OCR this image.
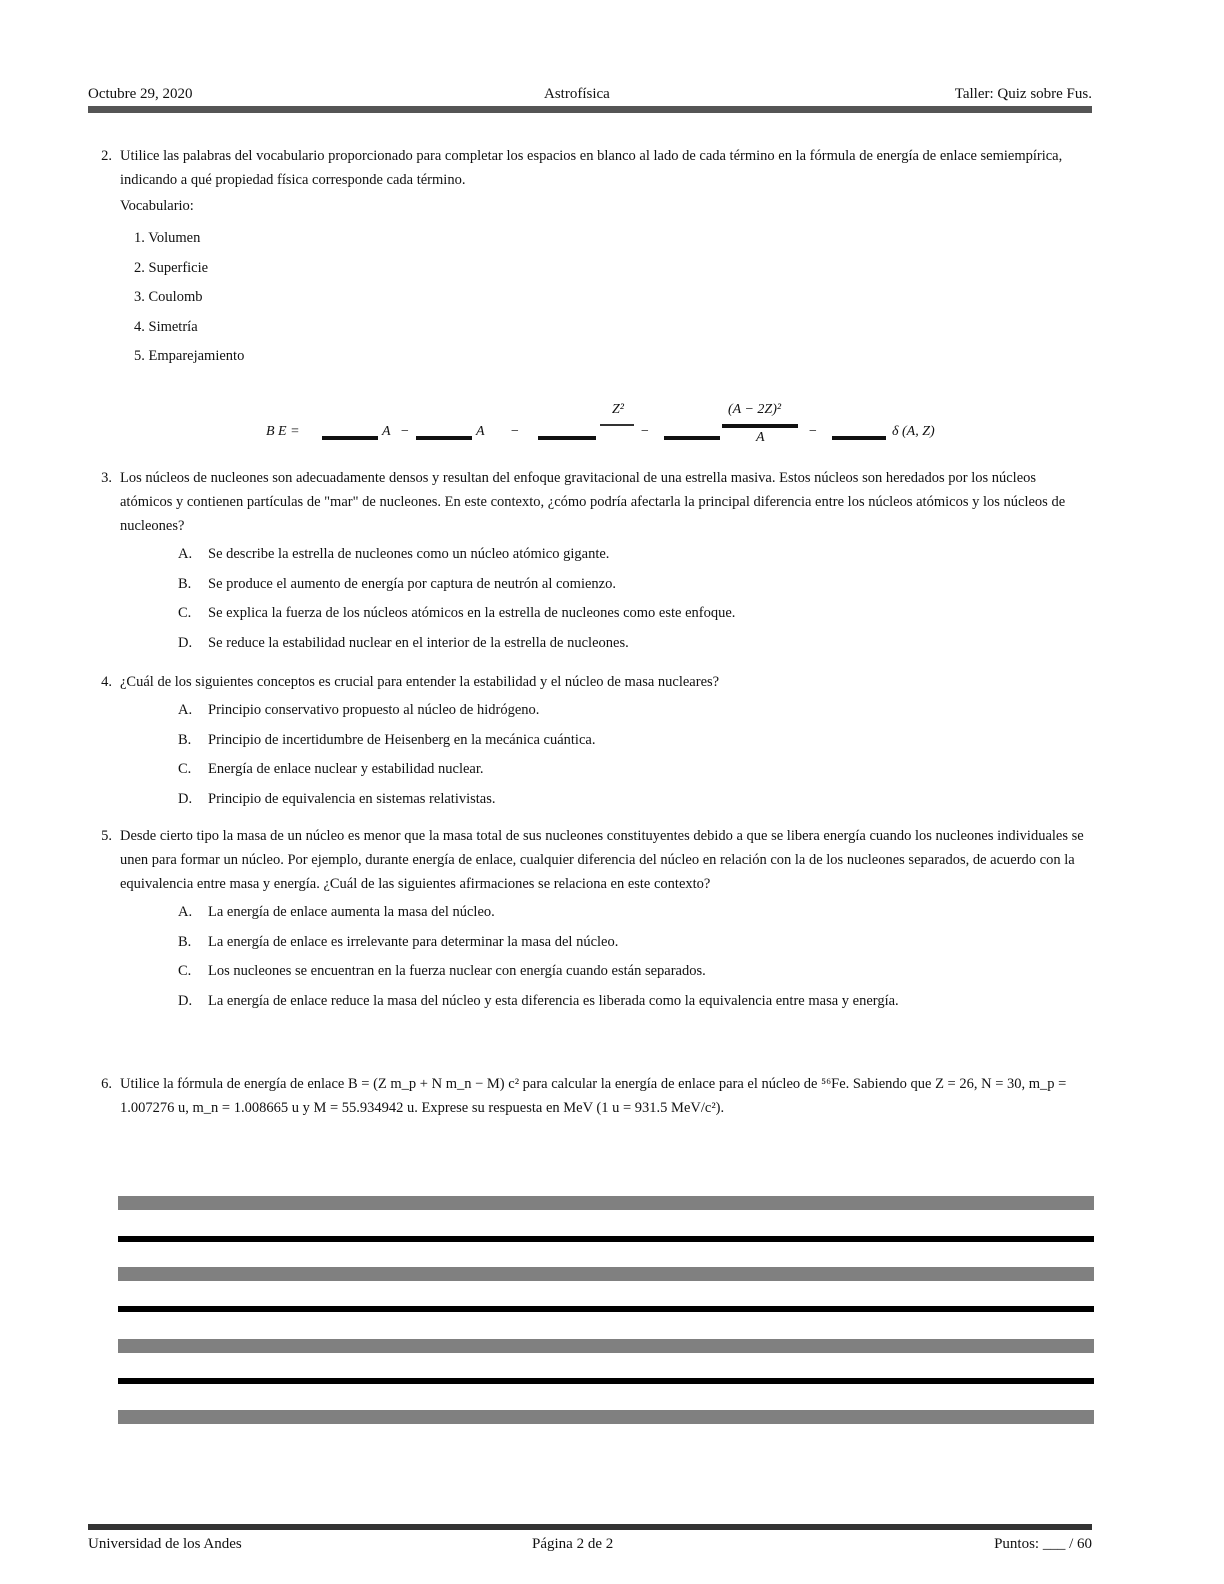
Octubre 29, 2020	Astrofísica	Taller: Quiz sobre Fus.
2. Utilice las palabras del vocabulario proporcionado para completar los espacios en blanco al lado de cada término en la fórmula de energía de enlace semiempírica, indicando a qué propiedad física corresponde cada término.

Vocabulario:

1. Volumen
2. Superficie
3. Coulomb
4. Simetría
5. Emparejamiento
B E =	A −	A −
Z²
−
(A − 2Z)²
A	−	δ (A, Z)
3. Los núcleos de nucleones son adecuadamente densos y resultan del enfoque gravitacional de una estrella masiva. Estos núcleos son heredados por los núcleos atómicos y contienen partículas de "mar" de nucleones. En este contexto, ¿cómo podría afectarla la principal diferencia entre los núcleos atómicos y los núcleos de nucleones?

A. Se describe la estrella de nucleones como un núcleo atómico gigante.
B. Se produce el aumento de energía por captura de neutrón al comienzo.
C. Se explica la fuerza de los núcleos atómicos en la estrella de nucleones como este enfoque.
D. Se reduce la estabilidad nuclear en el interior de la estrella de nucleones.
4. ¿Cuál de los siguientes conceptos es crucial para entender la estabilidad y el núcleo de masa nucleares?

A. Principio conservativo propuesto al núcleo de hidrógeno.
B. Principio de incertidumbre de Heisenberg en la mecánica cuántica.
C. Energía de enlace nuclear y estabilidad nuclear.
D. Principio de equivalencia en sistemas relativistas.
5. Desde cierto tipo la masa de un núcleo es menor que la masa total de sus nucleones constituyentes debido a que se libera energía cuando los nucleones individuales se unen para formar un núcleo. Por ejemplo, durante energía de enlace, cualquier diferencia del núcleo en relación con la de los nucleones separados, de acuerdo con la equivalencia entre masa y energía. ¿Cuál de las siguientes afirmaciones se relaciona en este contexto?

A. La energía de enlace aumenta la masa del núcleo.
B. La energía de enlace es irrelevante para determinar la masa del núcleo.
C. Los nucleones se encuentran en la fuerza nuclear con energía cuando están separados.
D. La energía de enlace reduce la masa del núcleo y esta diferencia es liberada como la equivalencia entre masa y energía.
6. Utilice la fórmula de energía de enlace B = (Z m_p + N m_n − M) c² para calcular la energía de enlace para el núcleo de ⁵⁶Fe. Sabiendo que Z = 26, N = 30, m_p = 1.007276 u, m_n = 1.008665 u y M = 55.934942 u. Exprese su respuesta en MeV (1 u = 931.5 MeV/c²).

Universidad de los Andes	Página 2 de 2	Puntos: ___ / 60
